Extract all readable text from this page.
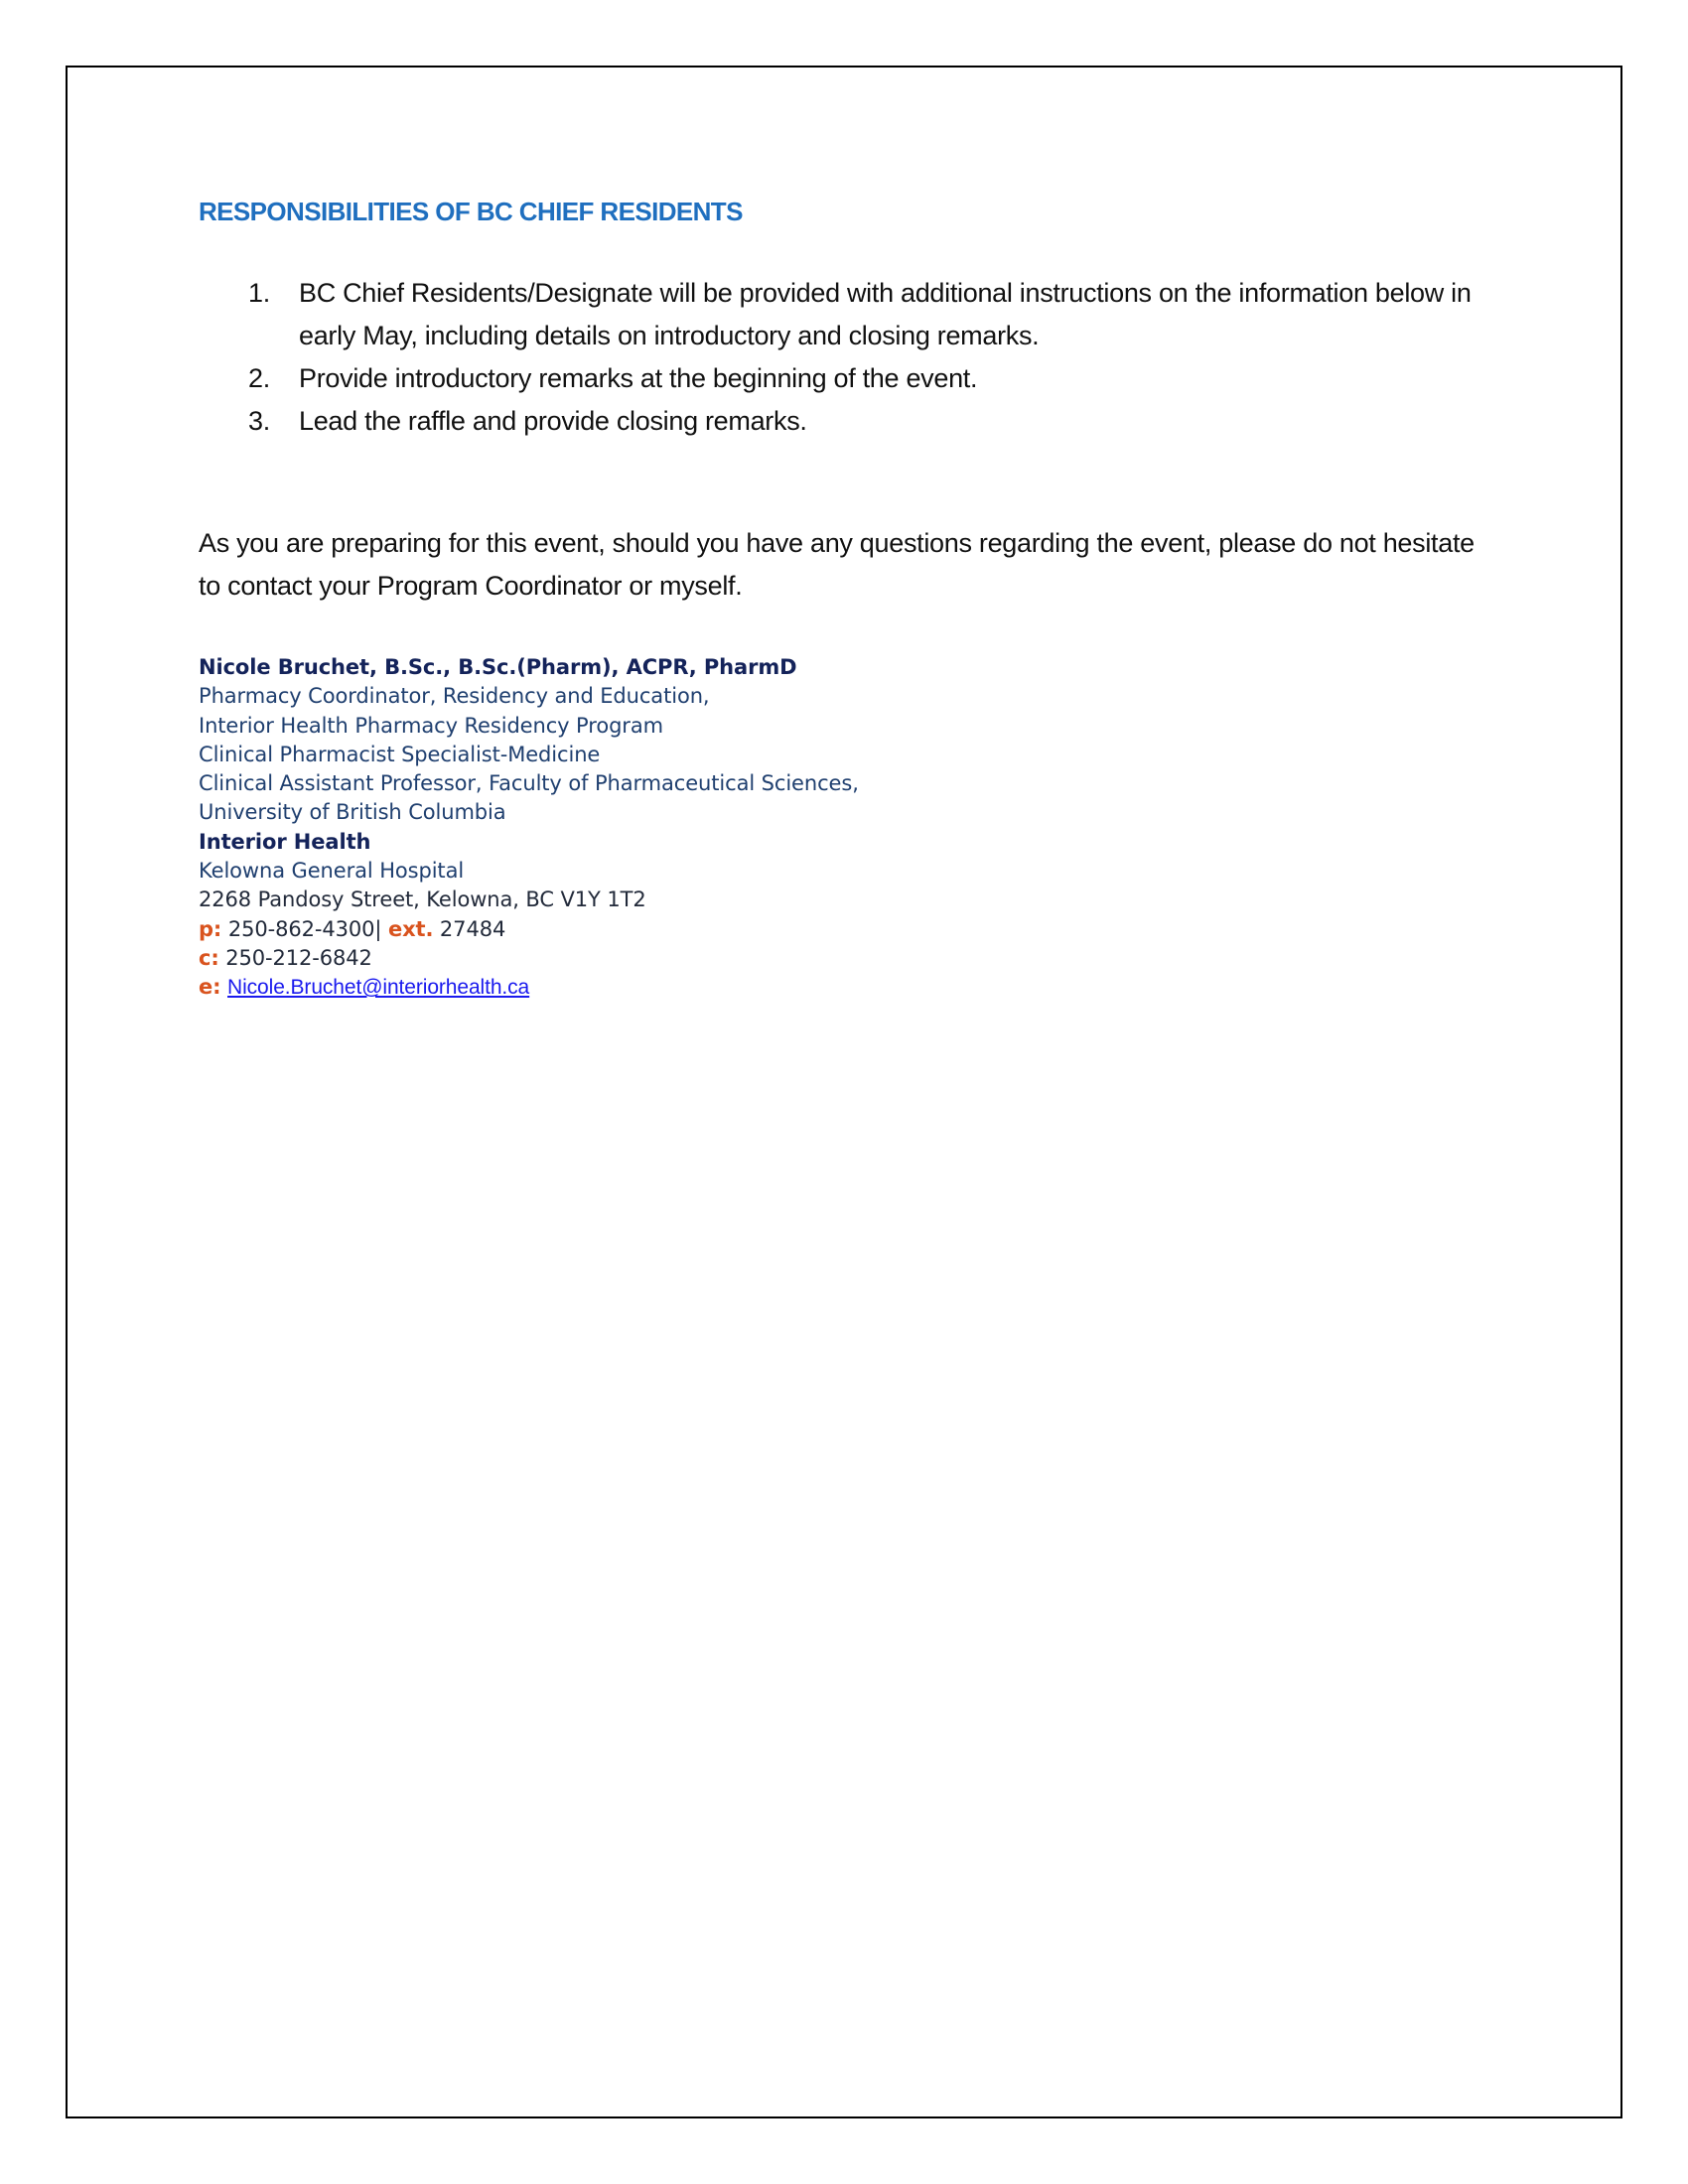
RESPONSIBILITIES OF BC CHIEF RESIDENTS
1. BC Chief Residents/Designate will be provided with additional instructions on the information below in early May, including details on introductory and closing remarks.
2. Provide introductory remarks at the beginning of the event.
3. Lead the raffle and provide closing remarks.

As you are preparing for this event, should you have any questions regarding the event, please do not hesitate to contact your Program Coordinator or myself.

Nicole Bruchet, B.Sc., B.Sc.(Pharm), ACPR, PharmD
Pharmacy Coordinator, Residency and Education,
Interior Health Pharmacy Residency Program
Clinical Pharmacist Specialist-Medicine
Clinical Assistant Professor, Faculty of Pharmaceutical Sciences,
University of British Columbia
Interior Health
Kelowna General Hospital
2268 Pandosy Street, Kelowna, BC V1Y 1T2
p: 250-862-4300| ext. 27484
c: 250-212-6842
e: Nicole.Bruchet@interiorhealth.ca
